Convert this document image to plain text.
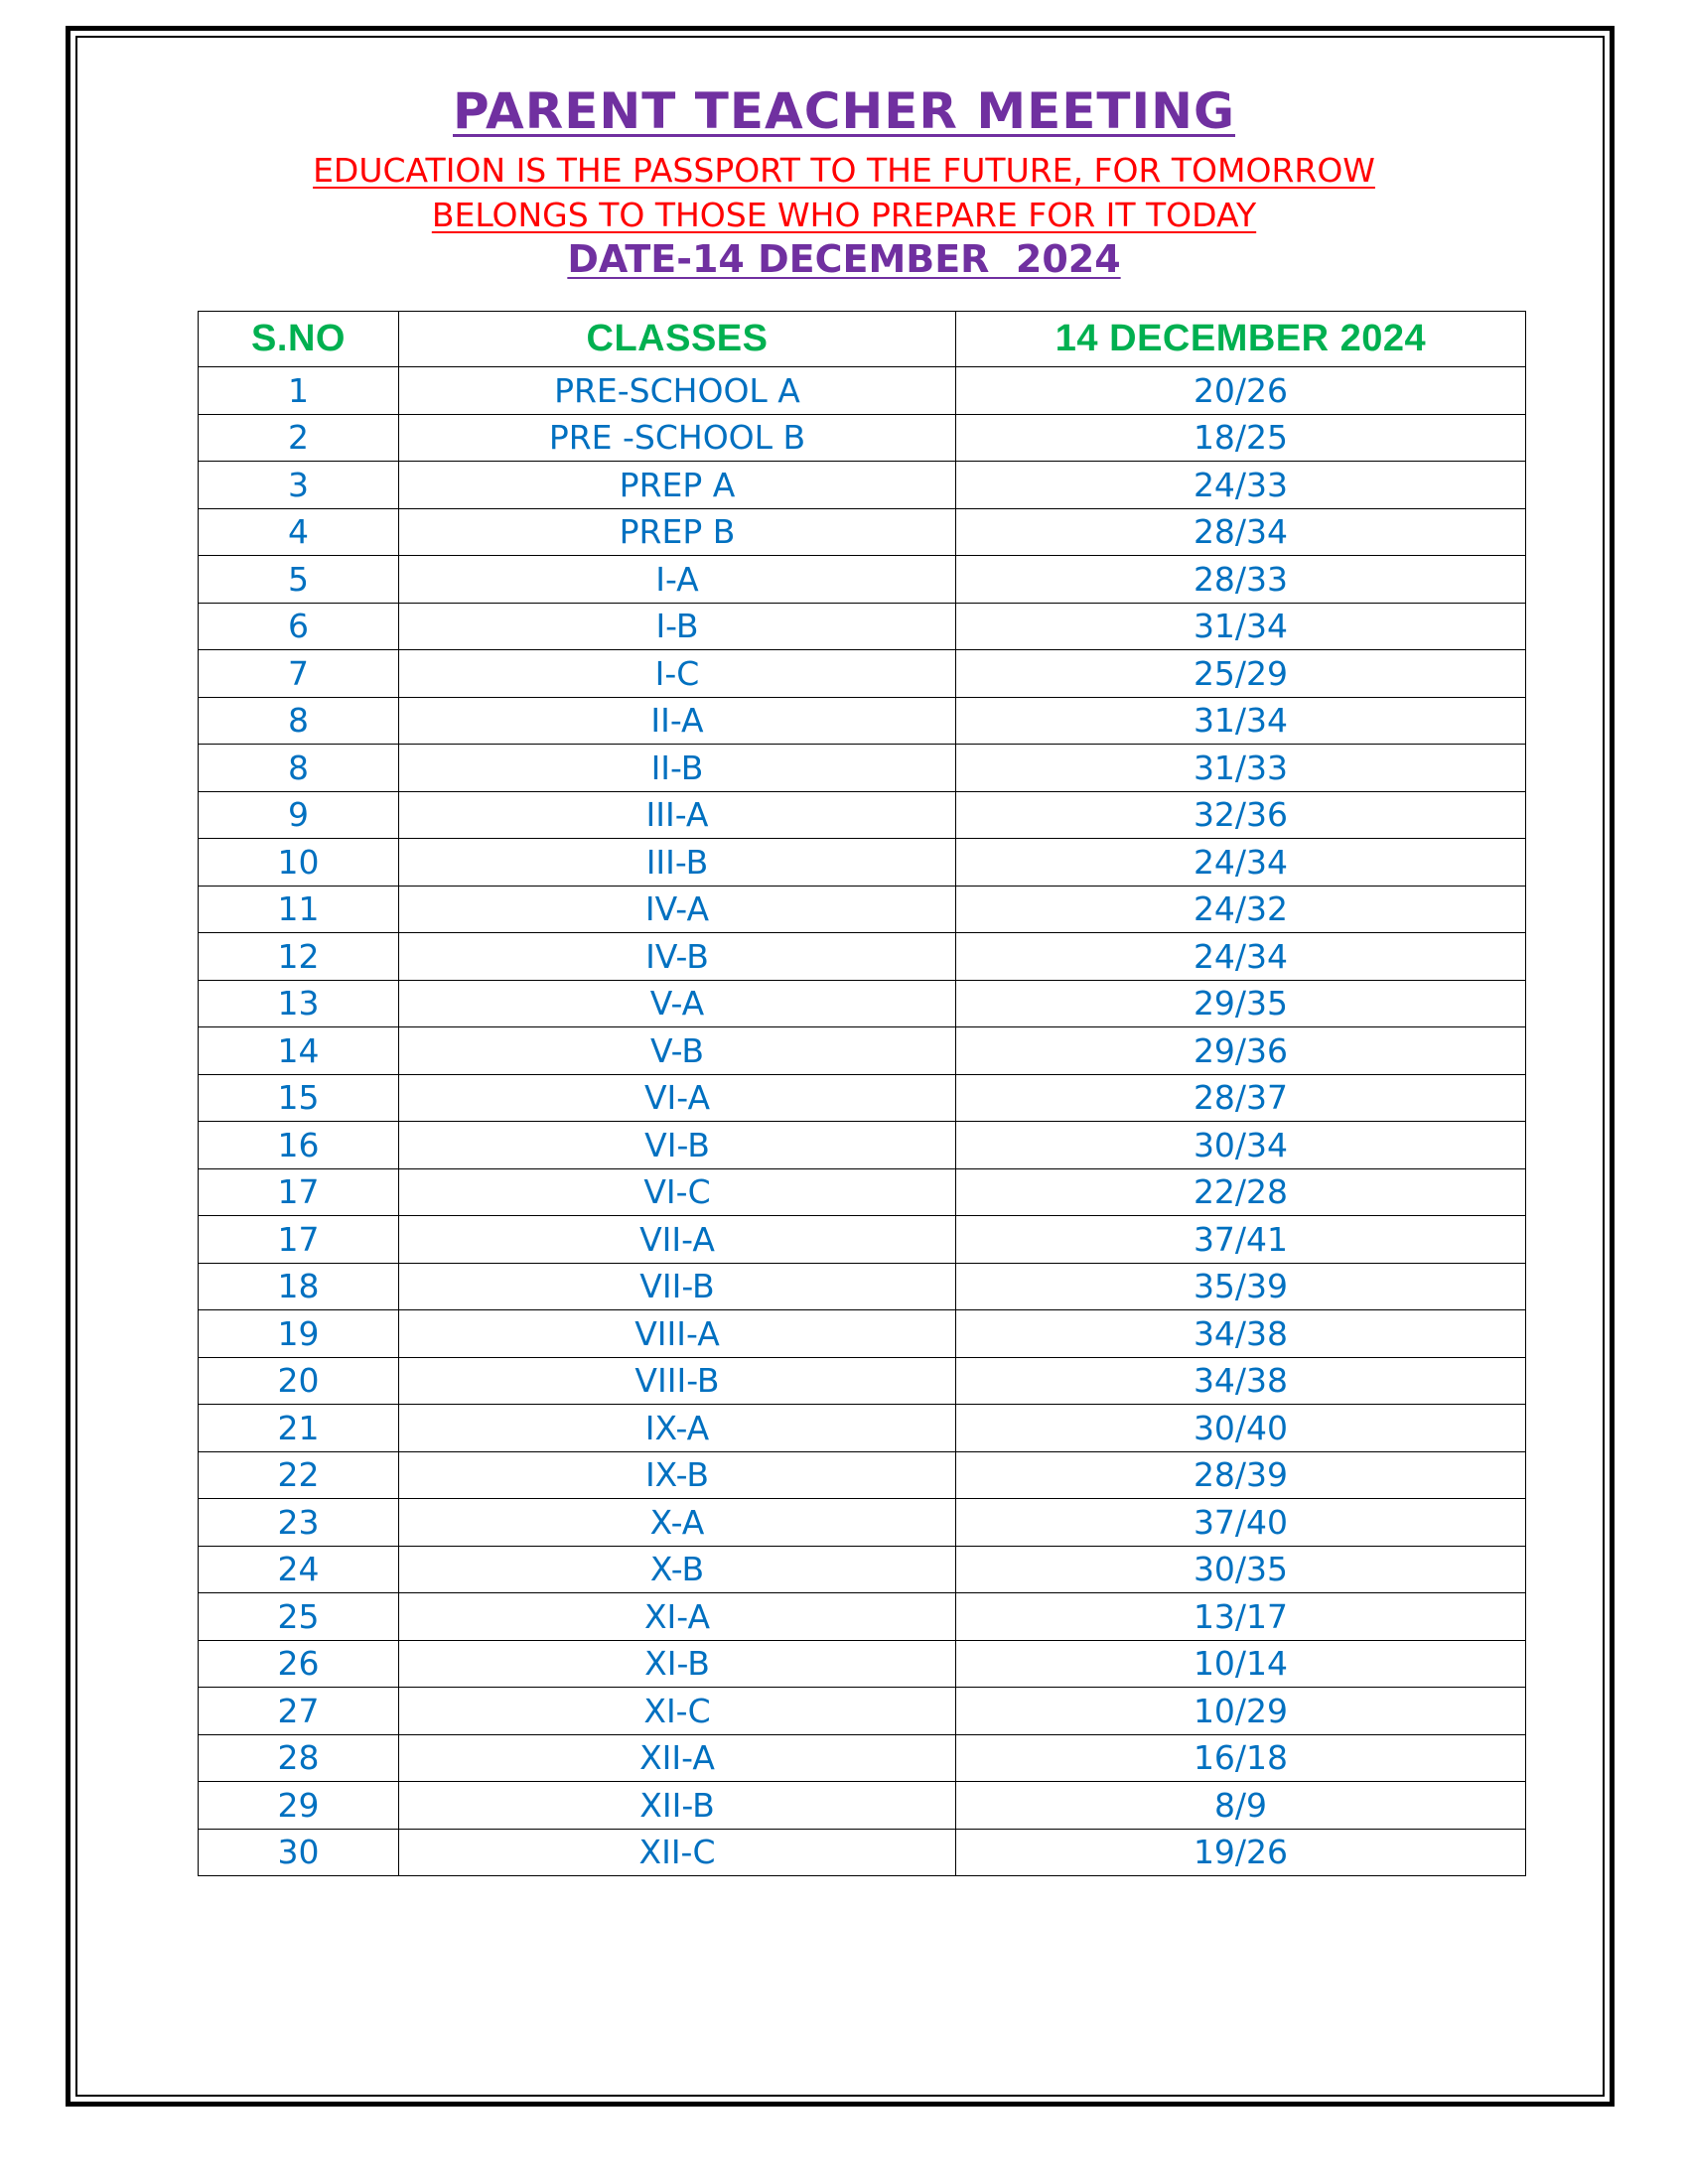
PARENT TEACHER MEETING
EDUCATION IS THE PASSPORT TO THE FUTURE, FOR TOMORROW
BELONGS TO THOSE WHO PREPARE FOR IT TODAY
DATE-14 DECEMBER  2024
S.NO	CLASSES	14 DECEMBER 2024
1	PRE-SCHOOL A	20/26
2	PRE -SCHOOL B	18/25
3	PREP A	24/33
4	PREP B	28/34
5	I-A	28/33
6	I-B	31/34
7	I-C	25/29
8	II-A	31/34
8	II-B	31/33
9	III-A	32/36
10	III-B	24/34
11	IV-A	24/32
12	IV-B	24/34
13	V-A	29/35
14	V-B	29/36
15	VI-A	28/37
16	VI-B	30/34
17	VI-C	22/28
17	VII-A	37/41
18	VII-B	35/39
19	VIII-A	34/38
20	VIII-B	34/38
21	IX-A	30/40
22	IX-B	28/39
23	X-A	37/40
24	X-B	30/35
25	XI-A	13/17
26	XI-B	10/14
27	XI-C	10/29
28	XII-A	16/18
29	XII-B	8/9
30	XII-C	19/26
